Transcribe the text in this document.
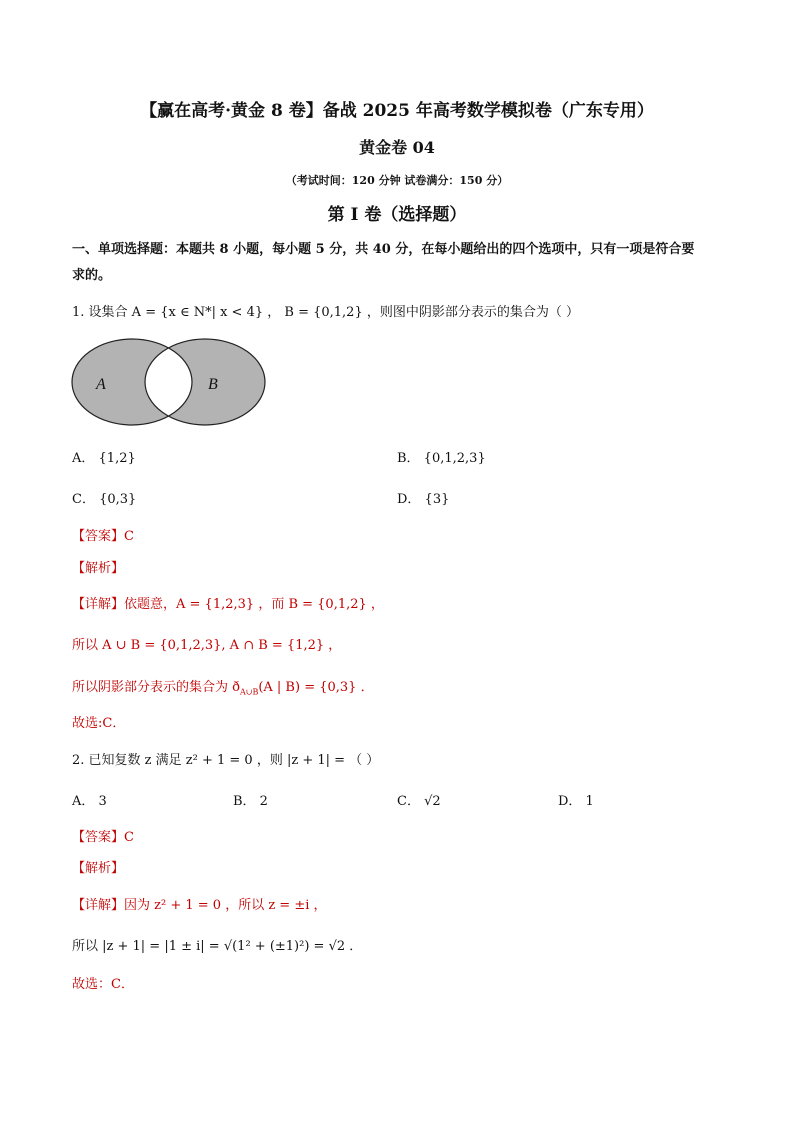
【赢在高考·黄金 8 卷】备战 2025 年高考数学模拟卷（广东专用）
黄金卷 04
（考试时间：120 分钟 试卷满分：150 分）
第 I 卷（选择题）
一、单项选择题：本题共 8 小题，每小题 5 分，共 40 分，在每小题给出的四个选项中，只有一项是符合要
求的。
1. 设集合 A = {x ∈ N*| x < 4} ， B = {0,1,2} ，则图中阴影部分表示的集合为（ ）
A	B
A． {1,2}	B． {0,1,2,3}
C． {0,3}	D． {3}
【答案】C
【解析】
【详解】依题意，A = {1,2,3} ，而 B = {0,1,2} ，
所以 A ∪ B = {0,1,2,3}, A ∩ B = {1,2} ，
所以阴影部分表示的集合为 $ð_{A\cup B}(A$ | B) = {0,3} ．
故选:C．
2. 已知复数 z 满足 z² + 1 = 0 ，则 |z + 1| = （ ）
A． 3	B． 2	C． √2	D． 1
【答案】C
【解析】
【详解】因为 z² + 1 = 0 ，所以 z = ±i ，
所以 |z + 1| = |1 ± i| = √(1² + (±1)²) = √2 ．
故选：C．
